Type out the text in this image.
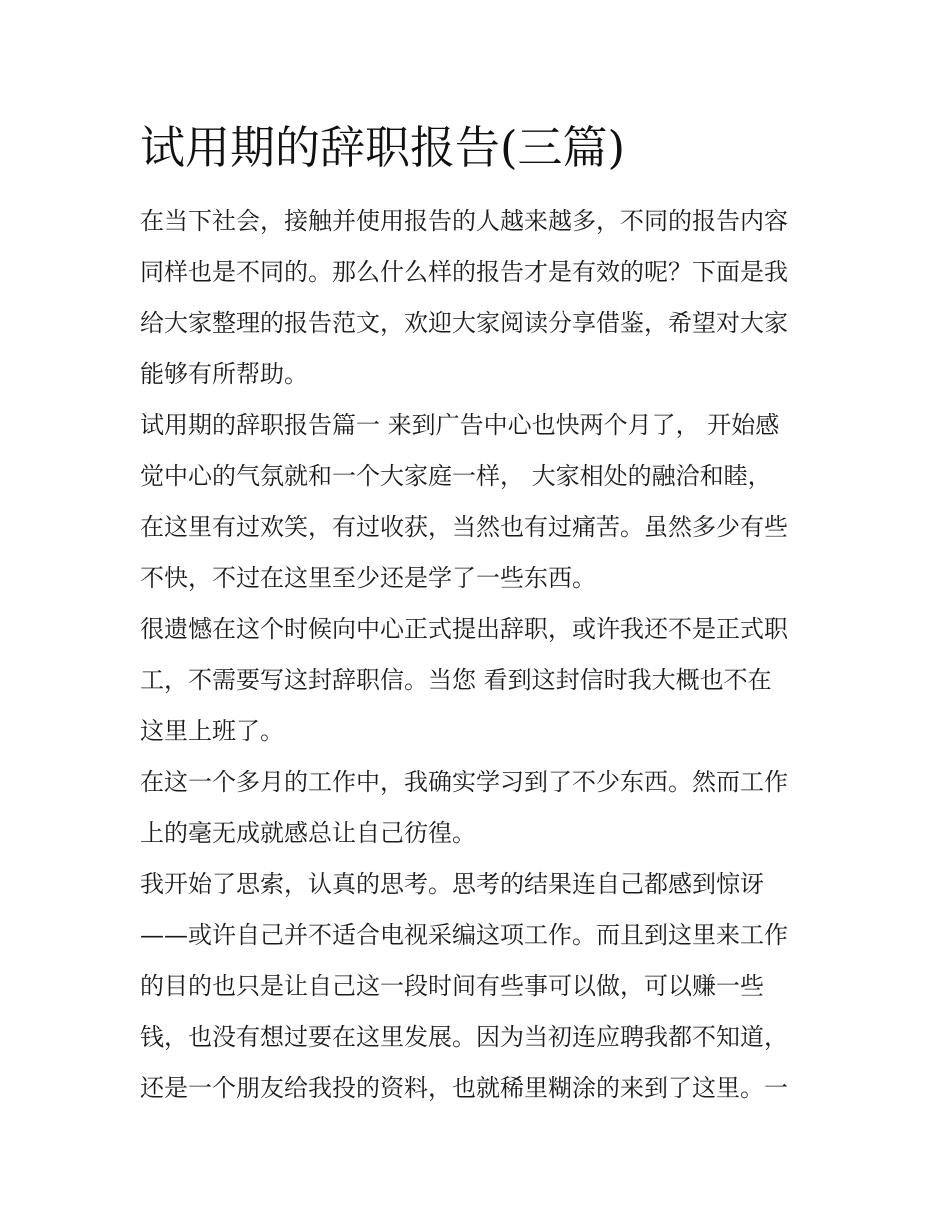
试用期的辞职报告(三篇)
在当下社会，接触并使用报告的人越来越多，不同的报告内容
同样也是不同的。那么什么样的报告才是有效的呢？下面是我
给大家整理的报告范文，欢迎大家阅读分享借鉴，希望对大家
能够有所帮助。
试用期的辞职报告篇一 来到广告中心也快两个月了， 开始感
觉中心的气氛就和一个大家庭一样， 大家相处的融洽和睦，
在这里有过欢笑，有过收获，当然也有过痛苦。虽然多少有些
不快，不过在这里至少还是学了一些东西。
很遗憾在这个时候向中心正式提出辞职，或许我还不是正式职
工，不需要写这封辞职信。当您 看到这封信时我大概也不在
这里上班了。
在这一个多月的工作中，我确实学习到了不少东西。然而工作
上的毫无成就感总让自己彷徨。
我开始了思索，认真的思考。思考的结果连自己都感到惊讶
——或许自己并不适合电视采编这项工作。而且到这里来工作
的目的也只是让自己这一段时间有些事可以做，可以赚一些
钱，也没有想过要在这里发展。因为当初连应聘我都不知道，
还是一个朋友给我投的资料，也就稀里糊涂的来到了这里。一
